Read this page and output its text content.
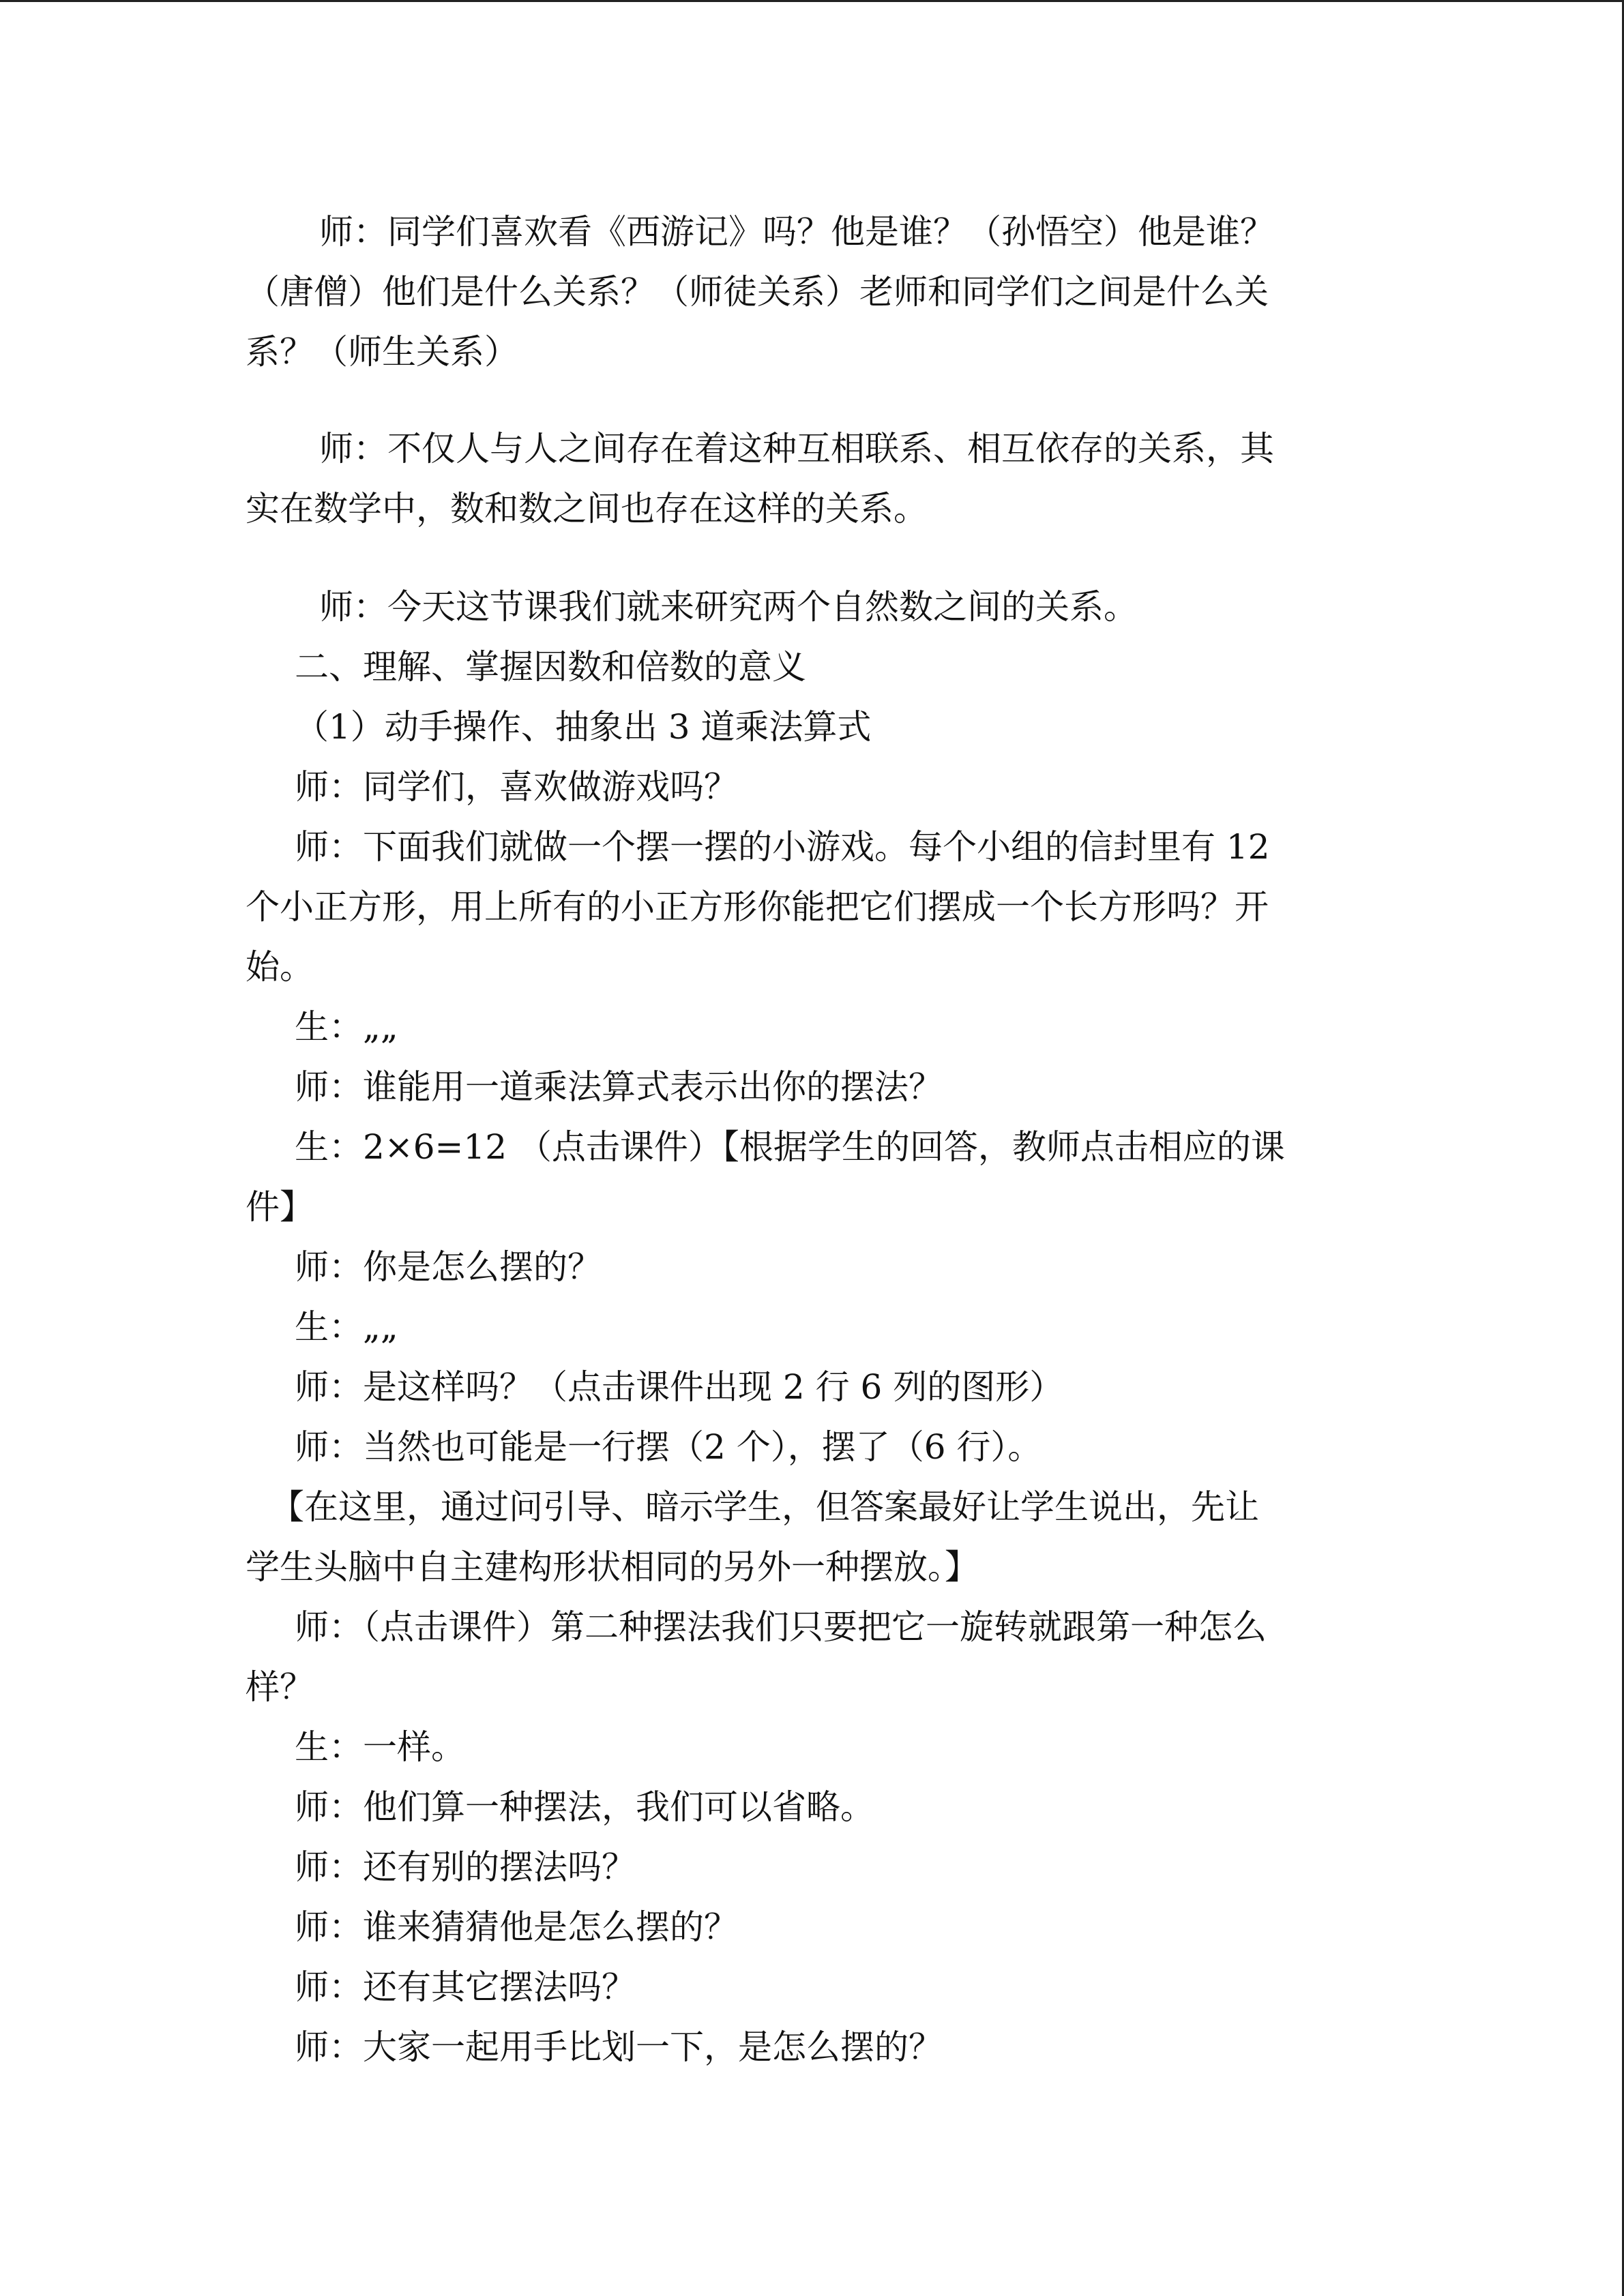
师：同学们喜欢看《西游记》吗？他是谁？（孙悟空）他是谁？
（唐僧）他们是什么关系？（师徒关系）老师和同学们之间是什么关
系？（师生关系）
师：不仅人与人之间存在着这种互相联系、相互依存的关系，其
实在数学中，数和数之间也存在这样的关系。
师：今天这节课我们就来研究两个自然数之间的关系。
二、理解、掌握因数和倍数的意义
（1）动手操作、抽象出 3 道乘法算式
师：同学们，喜欢做游戏吗？
师：下面我们就做一个摆一摆的小游戏。每个小组的信封里有 12
个小正方形，用上所有的小正方形你能把它们摆成一个长方形吗？开
始。
生：„„
师：谁能用一道乘法算式表示出你的摆法？
生：2×6=12 （点击课件）【根据学生的回答，教师点击相应的课
件】
师：你是怎么摆的？
生：„„
师：是这样吗？（点击课件出现 2 行 6 列的图形）
师：当然也可能是一行摆（2 个），摆了（6 行）。
【在这里，通过问引导、暗示学生，但答案最好让学生说出，先让
学生头脑中自主建构形状相同的另外一种摆放。】
师：（点击课件）第二种摆法我们只要把它一旋转就跟第一种怎么
样？
生：一样。
师：他们算一种摆法，我们可以省略。
师：还有别的摆法吗？
师：谁来猜猜他是怎么摆的？
师：还有其它摆法吗？
师：大家一起用手比划一下，是怎么摆的？
